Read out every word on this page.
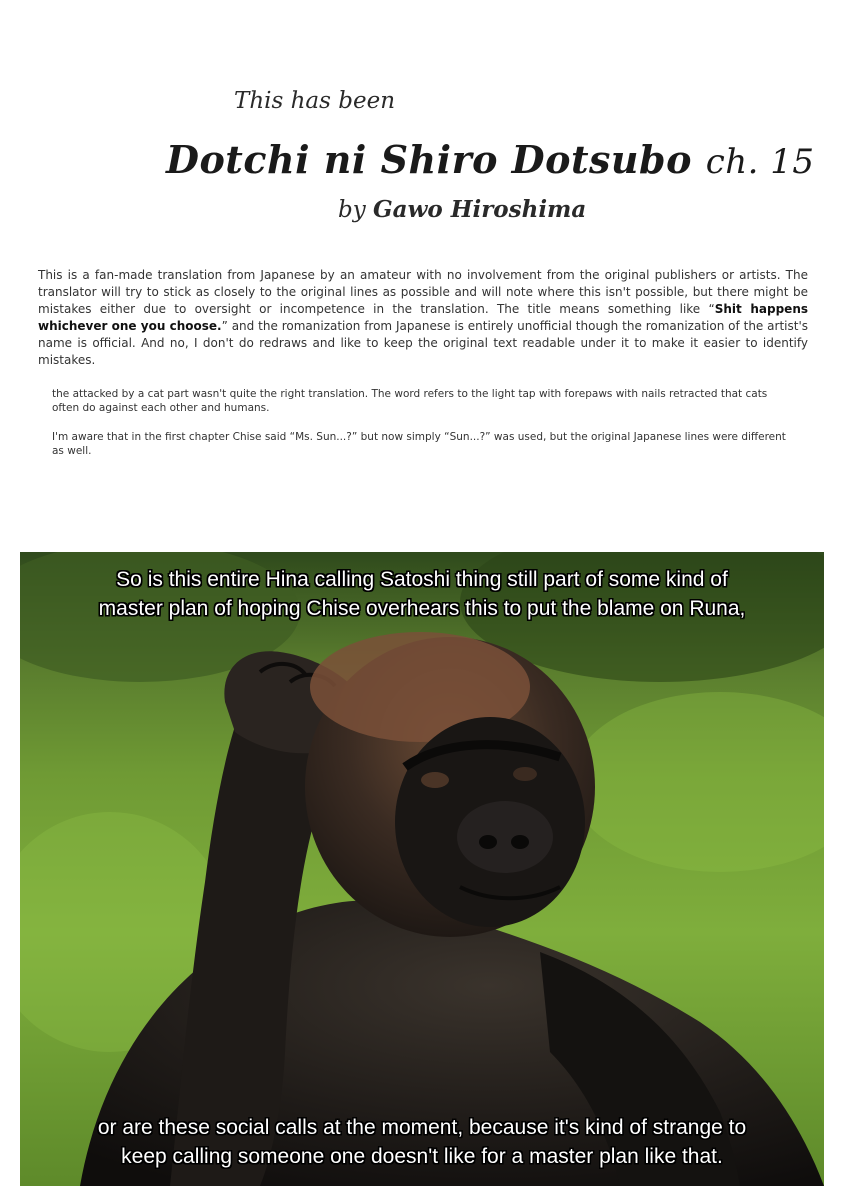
This has been
Dotchi ni Shiro Dotsubo ch. 15
by Gawo Hiroshima

This is a fan-made translation from Japanese by an amateur with no involvement from the original publishers or artists. The translator will try to stick as closely to the original lines as possible and will note where this isn't possible, but there might be mistakes either due to oversight or incompetence in the translation. The title means something like “Shit happens whichever one you choose.” and the romanization from Japanese is entirely unofficial though the romanization of the artist's name is official. And no, I don't do redraws and like to keep the original text readable under it to make it easier to identify mistakes.

the attacked by a cat part wasn't quite the right translation. The word refers to the light tap with forepaws with nails retracted that cats often do against each other and humans.

I'm aware that in the first chapter Chise said “Ms. Sun...?” but now simply “Sun...?” was used, but the original Japanese lines were different as well.

So is this entire Hina calling Satoshi thing still part of some kind of
master plan of hoping Chise overhears this to put the blame on Runa,
or are these social calls at the moment, because it's kind of strange to
keep calling someone one doesn't like for a master plan like that.
